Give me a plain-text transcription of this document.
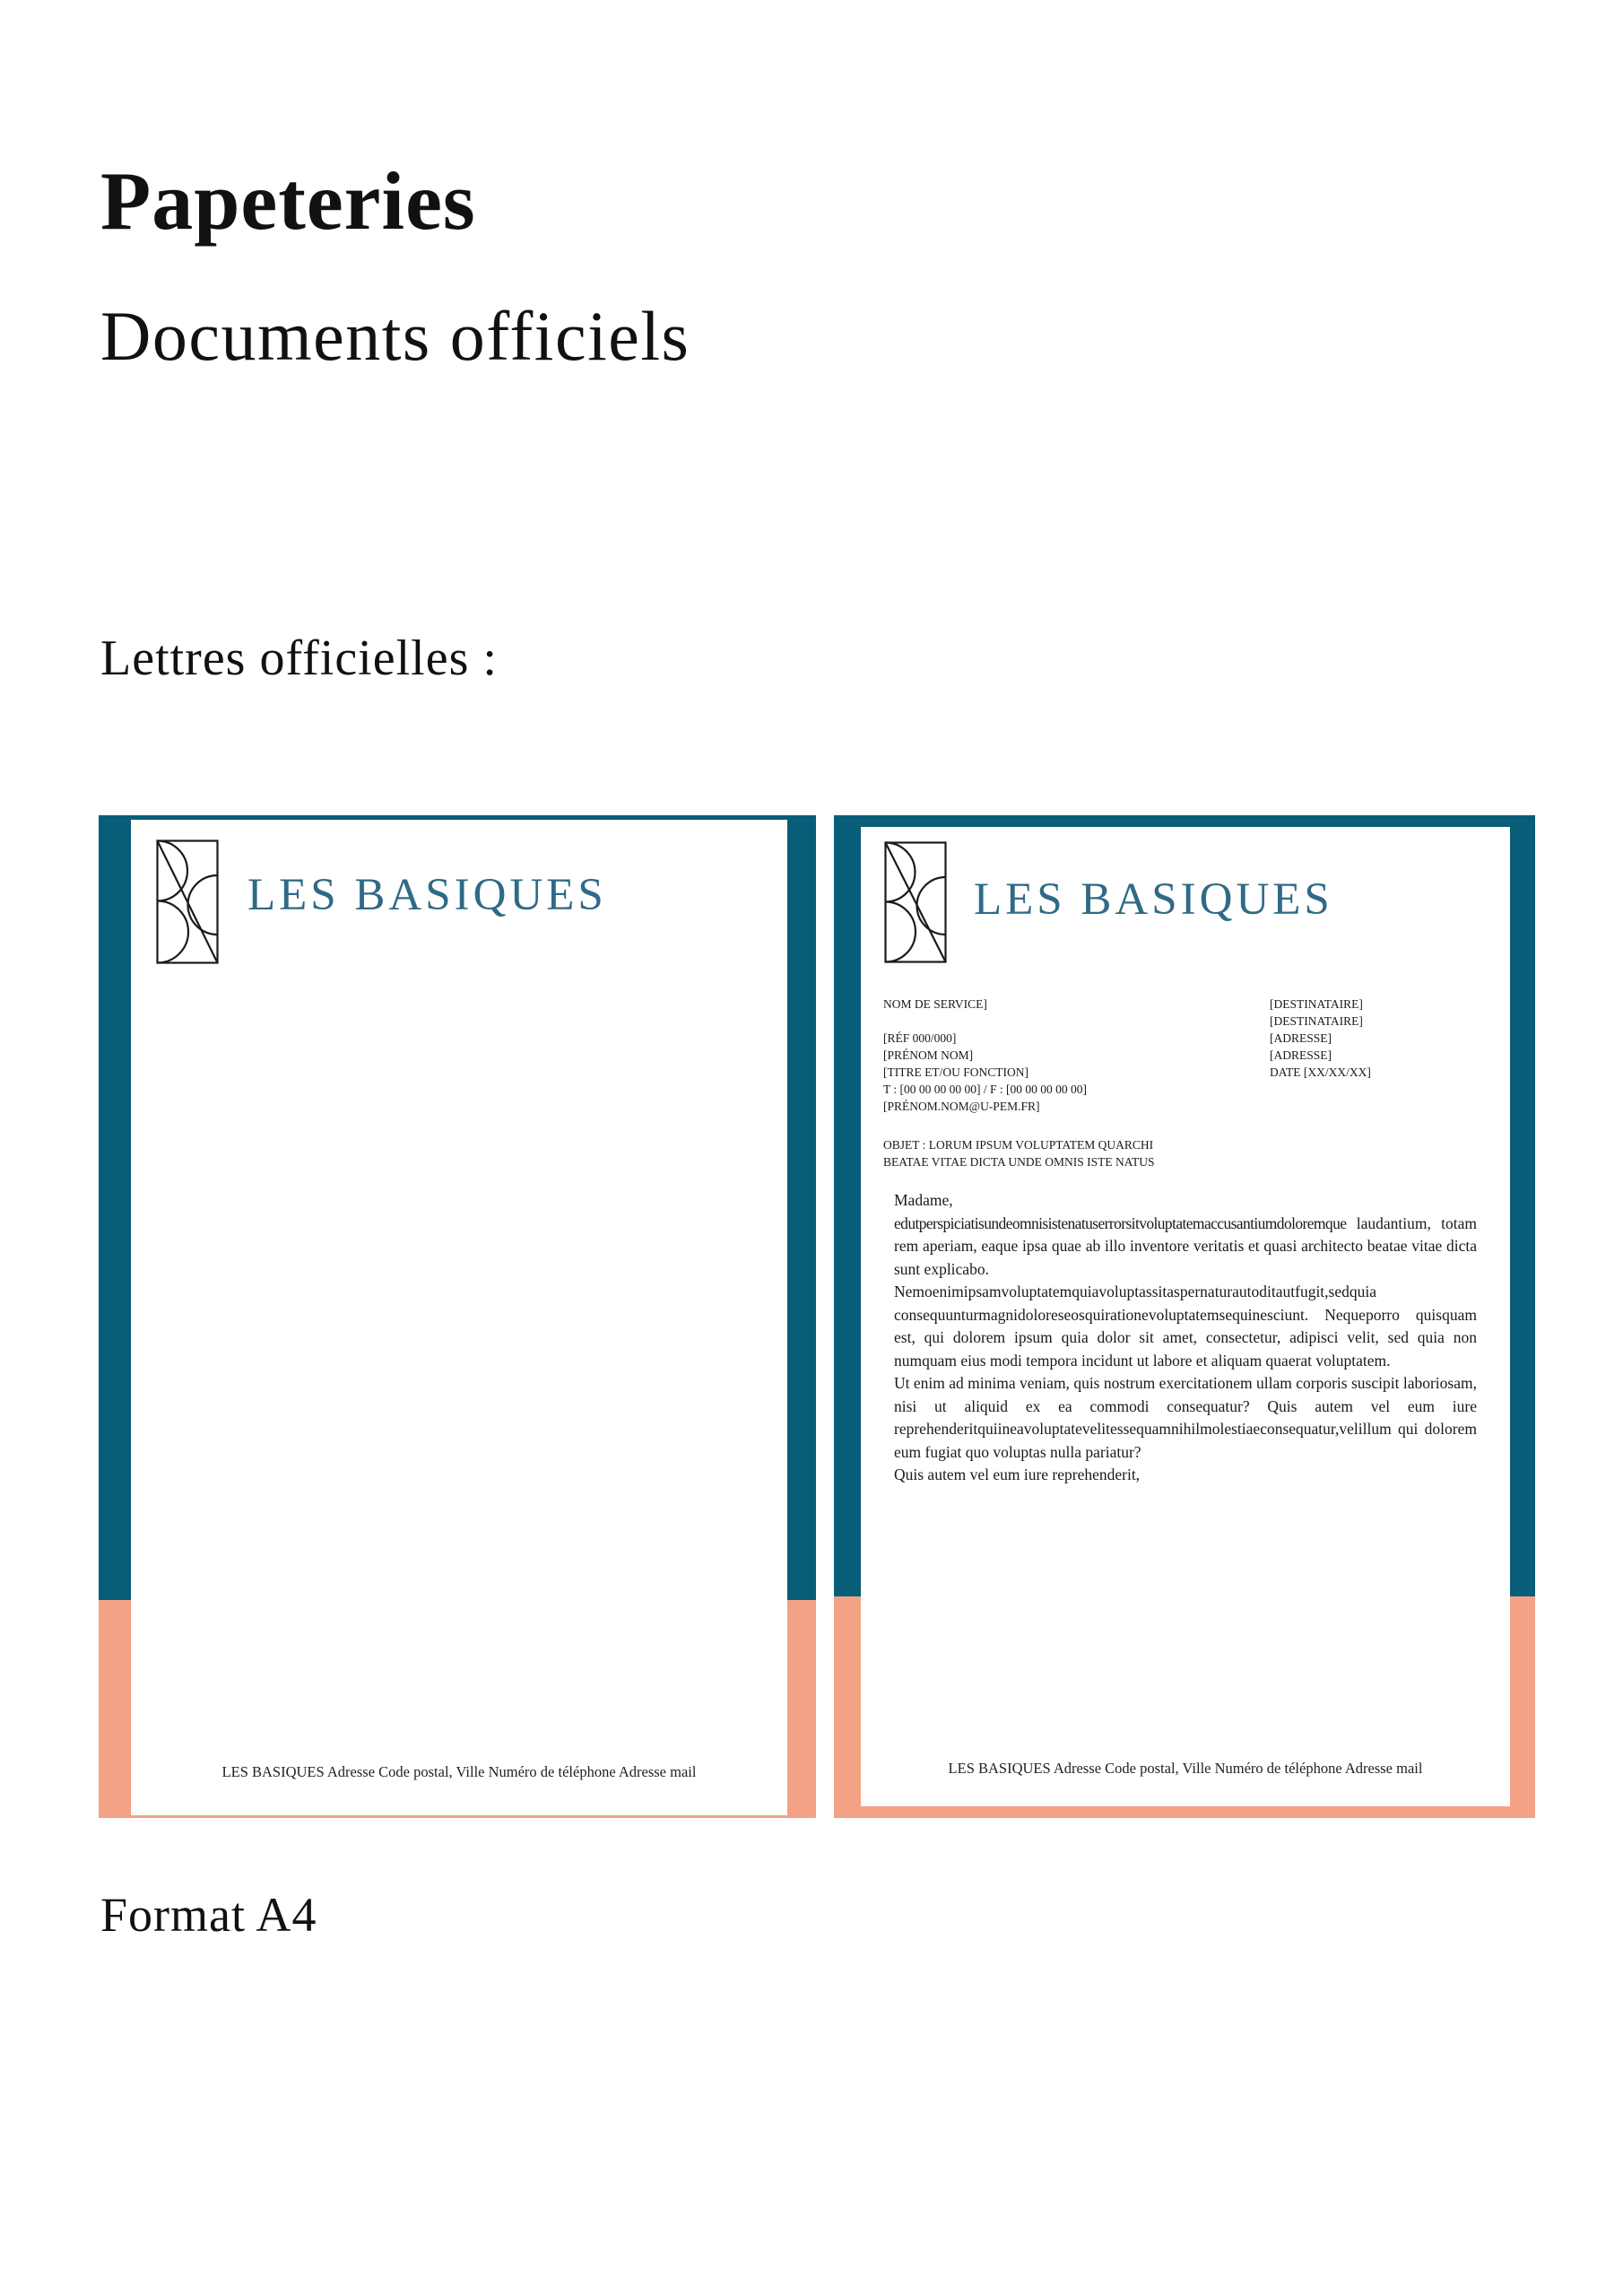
Papeteries
Documents officiels

Lettres officielles :

LES BASIQUES
LES BASIQUES Adresse Code postal, Ville Numéro de téléphone Adresse mail
LES BASIQUES
NOM DE SERVICE]
[RÉF 000/000]
[PRÉNOM NOM]
[TITRE ET/OU FONCTION]
T : [00 00 00 00 00] / F : [00 00 00 00 00]
[PRÉNOM.NOM@U-PEM.FR]
[DESTINATAIRE]
[DESTINATAIRE]
[ADRESSE]
[ADRESSE]
DATE [XX/XX/XX]
OBJET : LORUM IPSUM VOLUPTATEM QUARCHI
BEATAE VITAE DICTA UNDE OMNIS ISTE NATUS

Madame,

edutperspiciatisundeomnisistenatuserrorsitvoluptatemaccusantiumdoloremque laudantium, totam rem aperiam, eaque ipsa quae ab illo inventore veritatis et quasi architecto beatae vitae dicta sunt explicabo.

Nemoenimipsamvoluptatemquiavoluptassitaspernaturautoditautfugit,sedquia consequunturmagnidoloreseosquirationevoluptatemsequinesciunt. Nequeporro quisquam est, qui dolorem ipsum quia dolor sit amet, consectetur, adipisci velit, sed quia non numquam eius modi tempora incidunt ut labore et aliquam quaerat voluptatem.

Ut enim ad minima veniam, quis nostrum exercitationem ullam corporis suscipit laboriosam, nisi ut aliquid ex ea commodi consequatur? Quis autem vel eum iure reprehenderitquiineavoluptatevelitessequamnihilmolestiaeconsequatur,velillum qui dolorem eum fugiat quo voluptas nulla pariatur?

Quis autem vel eum iure reprehenderit,

LES BASIQUES Adresse Code postal, Ville Numéro de téléphone Adresse mail

Format A4
